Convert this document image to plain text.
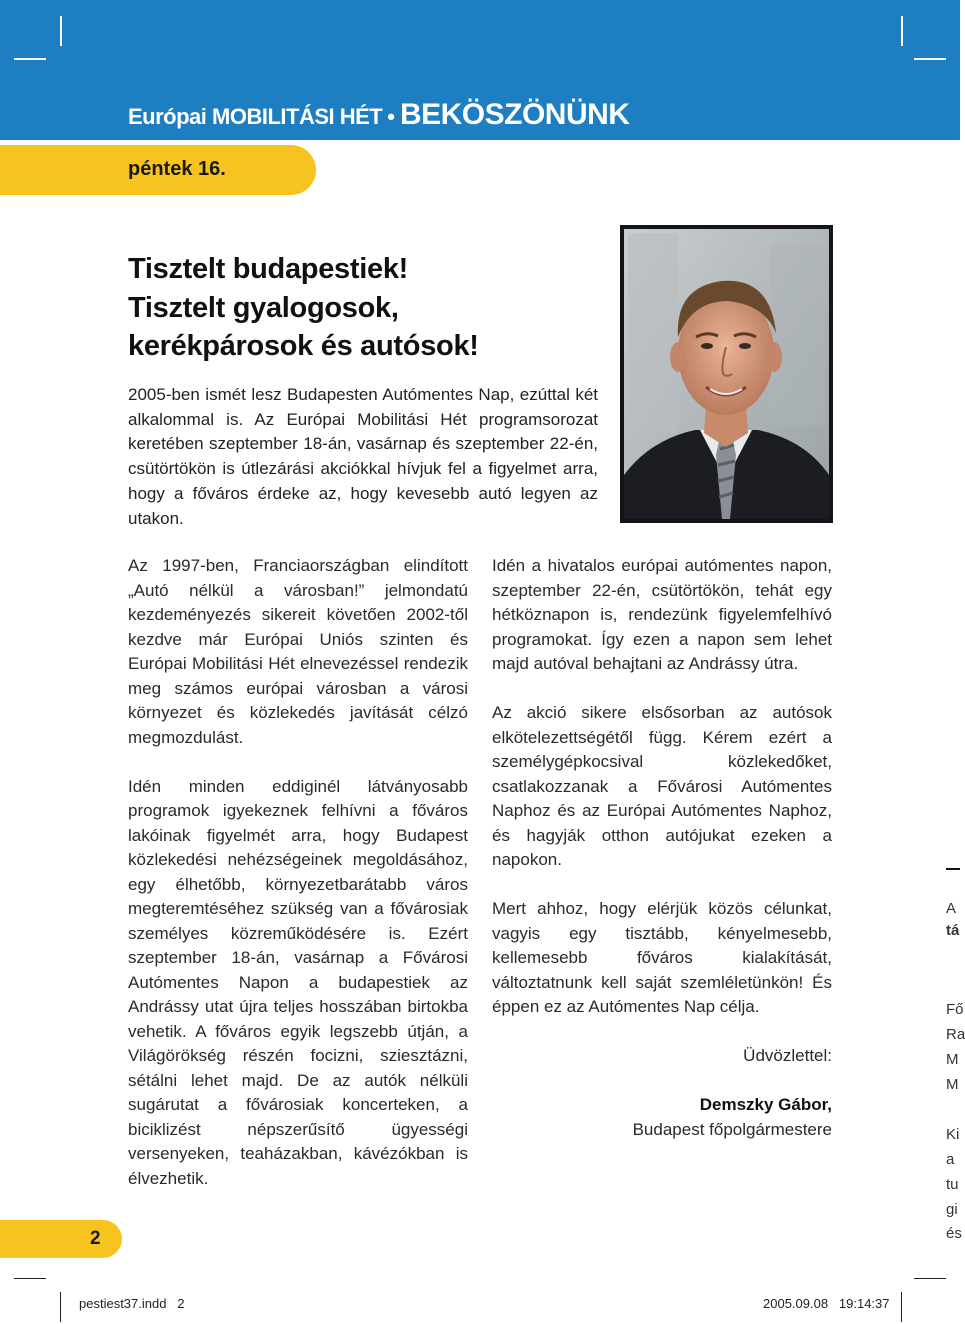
Európai MOBILITÁSI HÉT • BEKÖSZÖNÜNK
péntek 16.
Tisztelt budapestiek!
Tisztelt gyalogosok,
kerékpárosok és autósok!
2005-ben ismét lesz Budapesten Autómentes Nap, ezúttal két alkalommal is. Az Európai Mobilitási Hét programsorozat keretében szeptember 18-án, vasárnap és szeptember 22-én, csütörtökön is útlezárási akciókkal hívjuk fel a figyelmet arra, hogy a főváros érdeke az, hogy kevesebb autó legyen az utakon.

Az 1997-ben, Franciaországban elindított „Autó nélkül a városban!” jelmondatú kezdeményezés sikereit követően 2002-től kezdve már Európai Uniós szinten és Európai Mobilitási Hét elnevezéssel rendezik meg számos európai városban a városi környezet és közlekedés javítását célzó megmozdulást.

Idén minden eddiginél látványosabb programok igyekeznek felhívni a főváros lakóinak figyelmét arra, hogy Budapest közlekedési nehézségeinek megoldásához, egy élhetőbb, környezetbarátabb város megteremtéséhez szükség van a fővárosiak személyes közreműködésére is. Ezért szeptember 18-án, vasárnap a Fővárosi Autómentes Napon a budapestiek az Andrássy utat újra teljes hosszában birtokba vehetik. A főváros egyik legszebb útján, a Világörökség részén focizni, sziesztázni, sétálni lehet majd. De az autók nélküli sugárutat a fővárosiak koncerteken, a biciklizést népszerűsítő ügyességi versenyeken, teaházakban, kávézókban is élvezhetik.

Idén a hivatalos európai autómentes napon, szeptember 22-én, csütörtökön, tehát egy hétköznapon is, rendezünk figyelemfelhívó programokat. Így ezen a napon sem lehet majd autóval behajtani az Andrássy útra.

Az akció sikere elsősorban az autósok elkötelezettségétől függ. Kérem ezért a személygépkocsival közlekedőket, csatlakozzanak a Fővárosi Autómentes Naphoz és az Európai Autómentes Naphoz, és hagyják otthon autójukat ezeken a napokon.

Mert ahhoz, hogy elérjük közös célunkat, vagyis egy tisztább, kényelmesebb, kellemesebb főváros kialakítását, változtatnunk kell saját szemléletünkön! És éppen ez az Autómentes Nap célja.

Üdvözlettel:

Demszky Gábor,
Budapest főpolgármestere

A
tá
Fő
Ra
M
M
Ki
a
tu
gi
és
2
pestiest37.indd   2	2005.09.08   19:14:37
